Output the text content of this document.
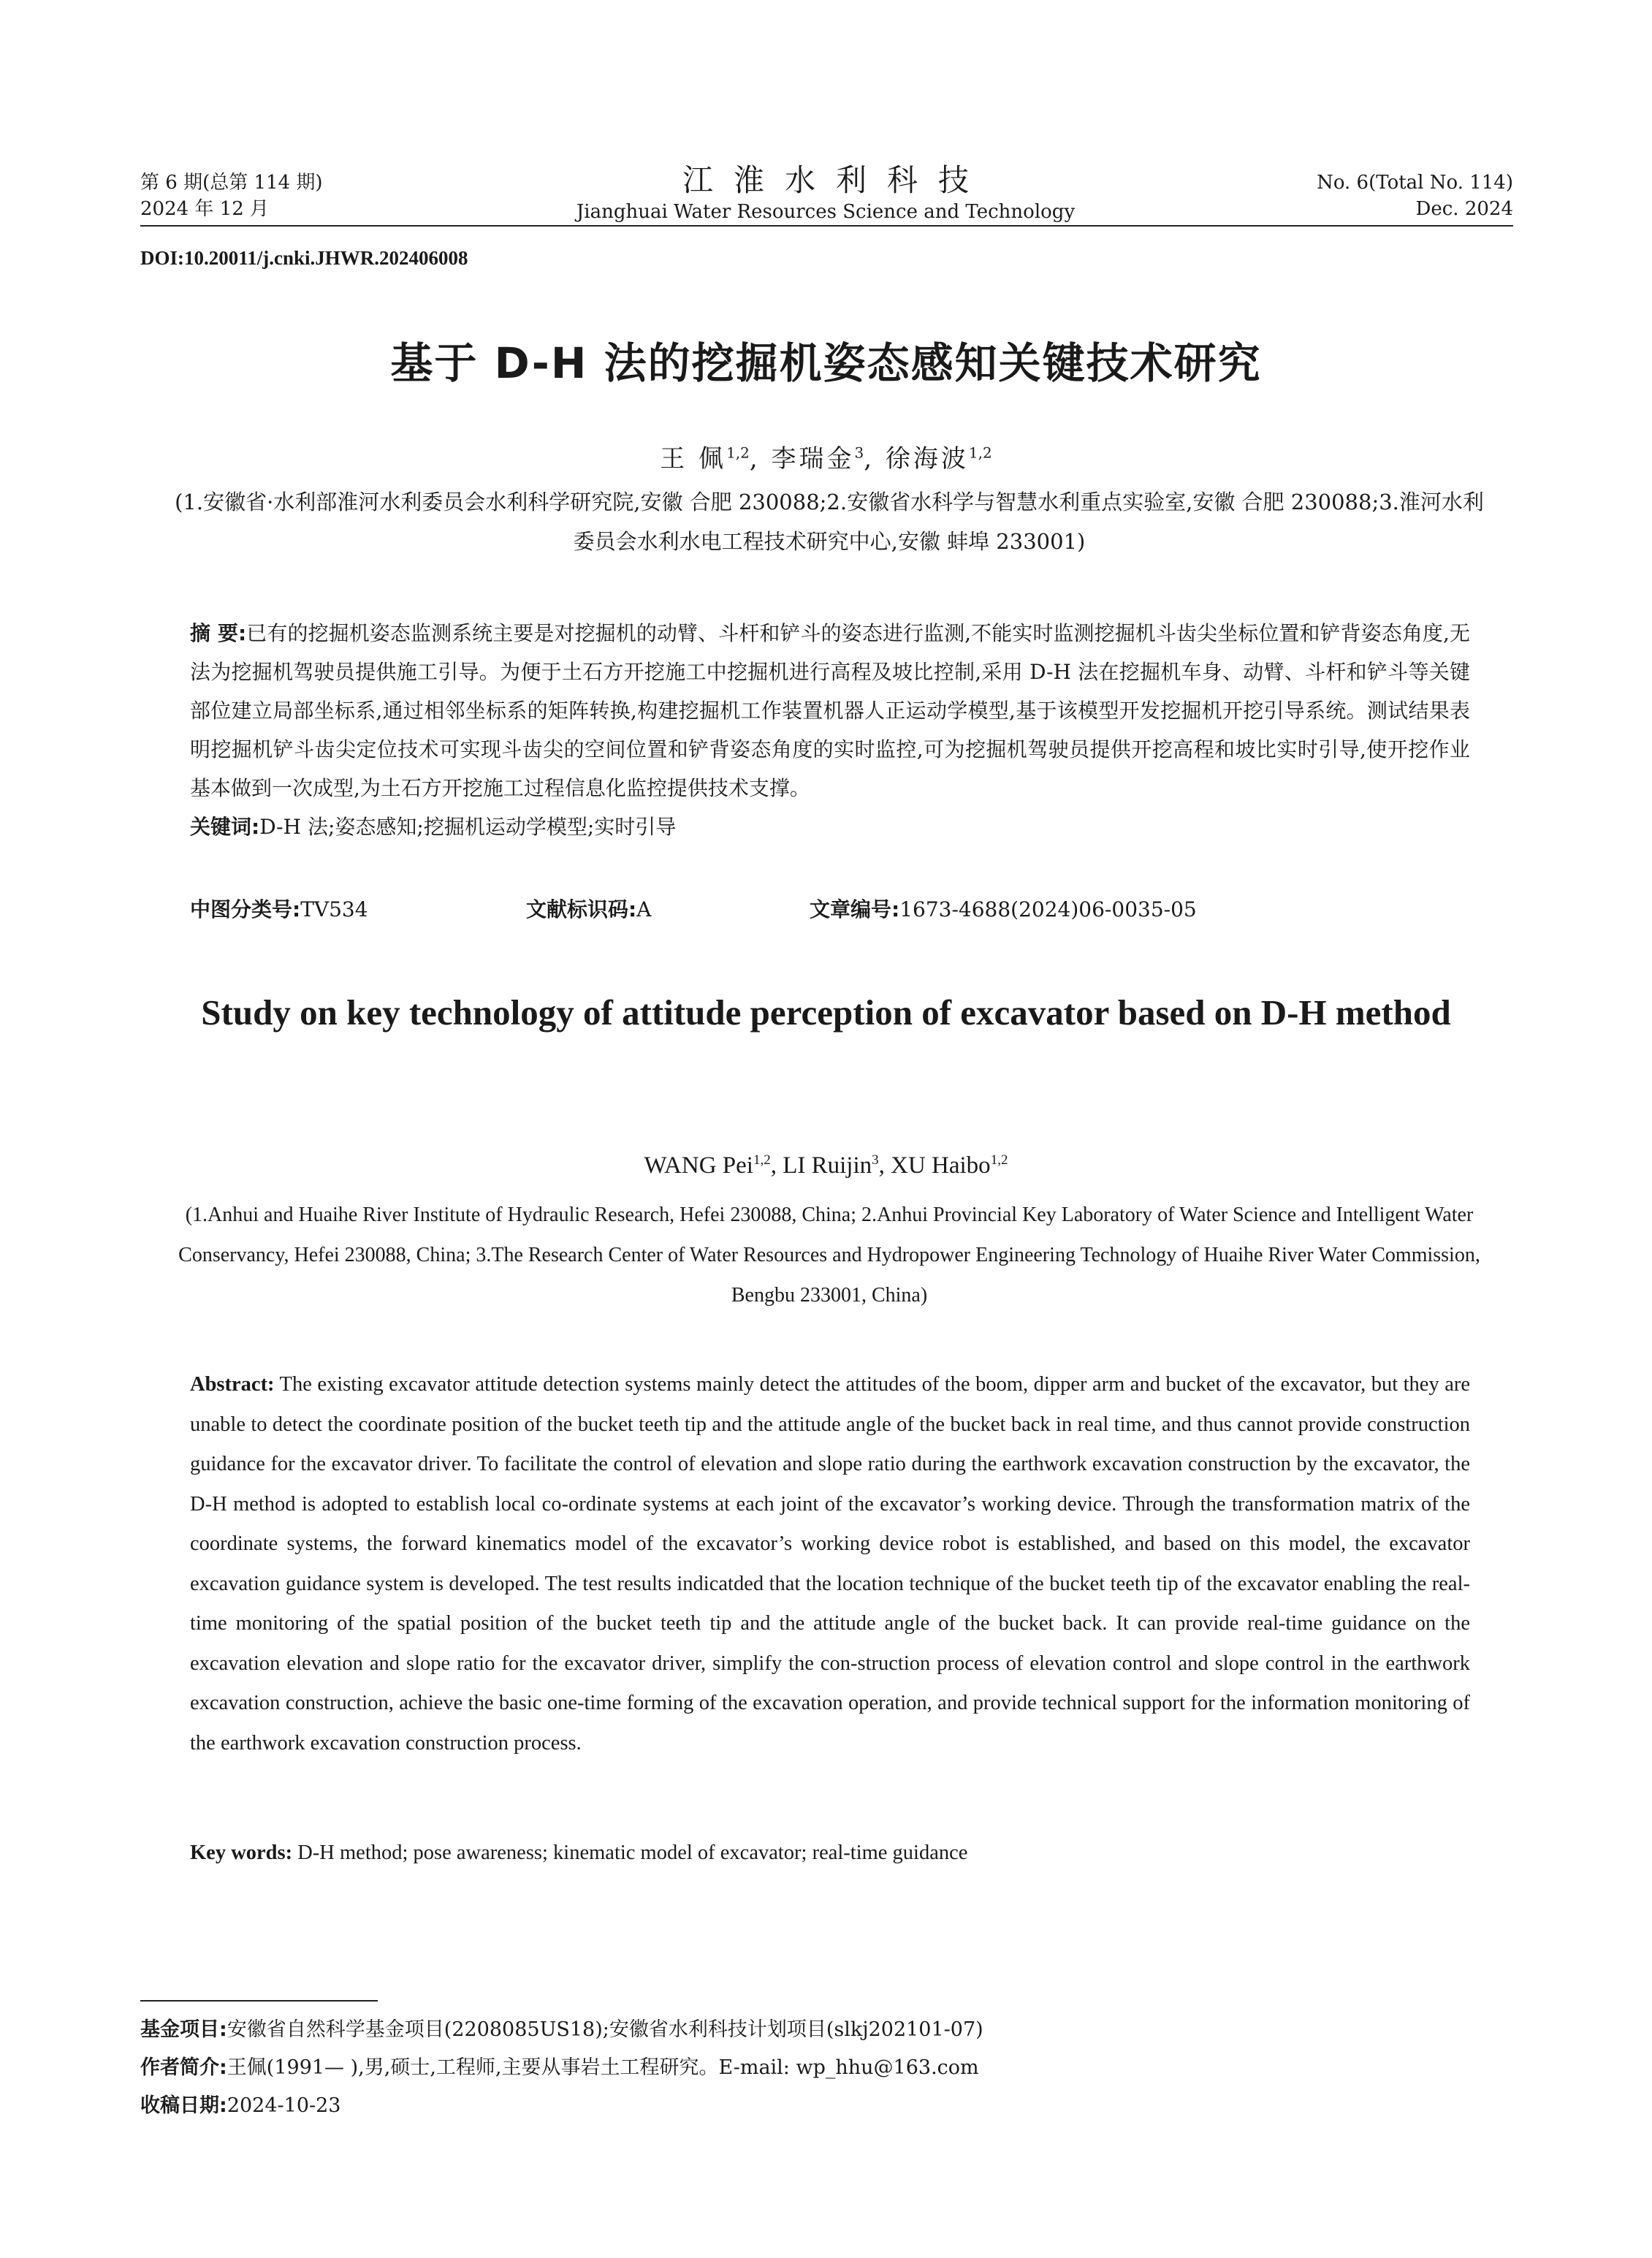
第 6 期(总第 114 期)
2024 年 12 月
江淮水利科技
Jianghuai Water Resources Science and Technology
No. 6(Total No. 114)
Dec. 2024
DOI:10.20011/j.cnki.JHWR.202406008
基于 D-H 法的挖掘机姿态感知关键技术研究
王 佩$^{1,2}$, 李瑞金$^3$, 徐海波$^{1,2}$
(1.安徽省·水利部淮河水利委员会水利科学研究院,安徽 合肥 230088;2.安徽省水科学与智慧水利重点实验室,安徽 合肥 230088;3.淮河水利委员会水利水电工程技术研究中心,安徽 蚌埠 233001)
摘 要:已有的挖掘机姿态监测系统主要是对挖掘机的动臂、斗杆和铲斗的姿态进行监测,不能实时监测挖掘机斗齿尖坐标位置和铲背姿态角度,无法为挖掘机驾驶员提供施工引导。为便于土石方开挖施工中挖掘机进行高程及坡比控制,采用 D-H 法在挖掘机车身、动臂、斗杆和铲斗等关键部位建立局部坐标系,通过相邻坐标系的矩阵转换,构建挖掘机工作装置机器人正运动学模型,基于该模型开发挖掘机开挖引导系统。测试结果表明挖掘机铲斗齿尖定位技术可实现斗齿尖的空间位置和铲背姿态角度的实时监控,可为挖掘机驾驶员提供开挖高程和坡比实时引导,使开挖作业基本做到一次成型,为土石方开挖施工过程信息化监控提供技术支撑。
关键词:D-H 法;姿态感知;挖掘机运动学模型;实时引导
中图分类号:TV534	文献标识码:A	文章编号:1673-4688(2024)06-0035-05
Study on key technology of attitude perception of excavator based on D-H method
WANG Pei$^{1,2}$, LI Ruijin$^3$, XU Haibo$^{1,2}$
(1.Anhui and Huaihe River Institute of Hydraulic Research, Hefei 230088, China; 2.Anhui Provincial Key Laboratory of Water Science and Intelligent Water Conservancy, Hefei 230088, China; 3.The Research Center of Water Resources and Hydropower Engineering Technology of Huaihe River Water Commission, Bengbu 233001, China)
Abstract: The existing excavator attitude detection systems mainly detect the attitudes of the boom, dipper arm and bucket of the excavator, but they are unable to detect the coordinate position of the bucket teeth tip and the attitude angle of the bucket back in real time, and thus cannot provide construction guidance for the excavator driver. To facilitate the control of elevation and slope ratio during the earthwork excavation construction by the excavator, the D-H method is adopted to establish local co-ordinate systems at each joint of the excavator’s working device. Through the transformation matrix of the coordinate systems, the forward kinematics model of the excavator’s working device robot is established, and based on this model, the excavator excavation guidance system is developed. The test results indicatded that the location technique of the bucket teeth tip of the excavator enabling the real-time monitoring of the spatial position of the bucket teeth tip and the attitude angle of the bucket back. It can provide real-time guidance on the excavation elevation and slope ratio for the excavator driver, simplify the con-struction process of elevation control and slope control in the earthwork excavation construction, achieve the basic one-time forming of the excavation operation, and provide technical support for the information monitoring of the earthwork excavation construction process.
Key words: D-H method; pose awareness; kinematic model of excavator; real-time guidance
基金项目:安徽省自然科学基金项目(2208085US18);安徽省水利科技计划项目(slkj202101-07)
作者简介:王佩(1991— ),男,硕士,工程师,主要从事岩土工程研究。E-mail: wp_hhu@163.com
收稿日期:2024-10-23
